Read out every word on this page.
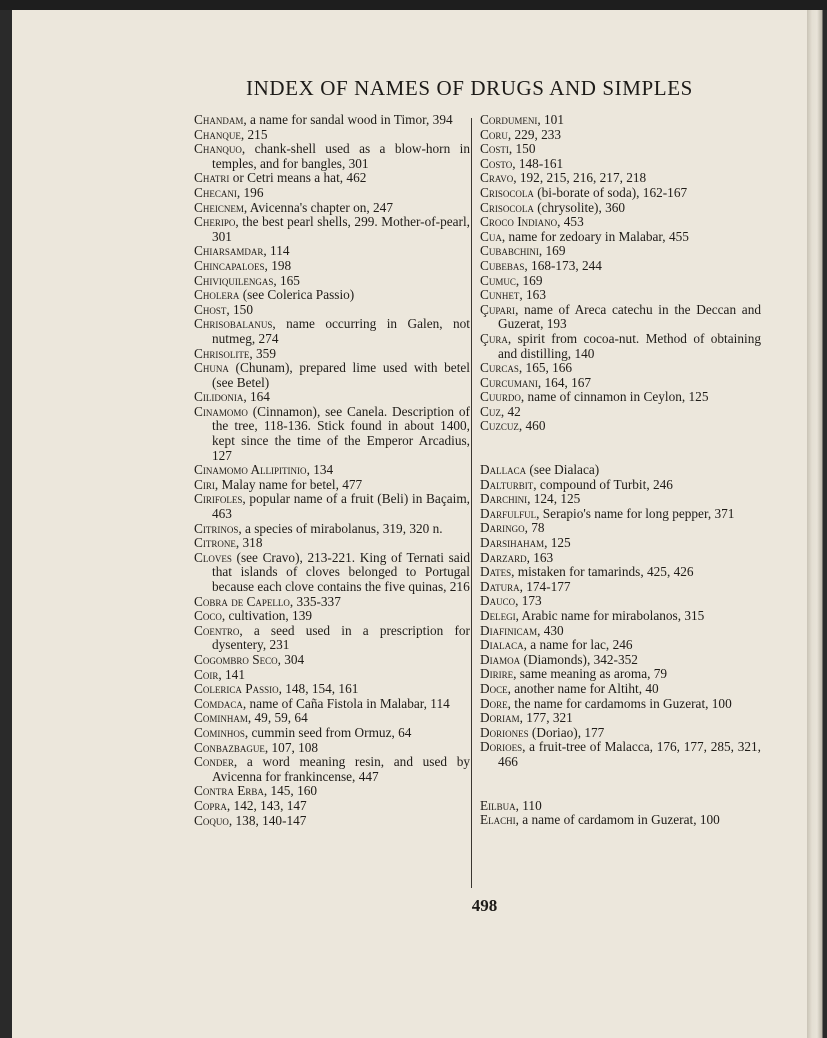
INDEX OF NAMES OF DRUGS AND SIMPLES

Chandam, a name for sandal wood in Timor, 394

Chanque, 215

Chanquo, chank-shell used as a blow-horn in temples, and for bangles, 301

Chatri or Cetri means a hat, 462

Checani, 196

Cheicnem, Avicenna's chapter on, 247

Cheripo, the best pearl shells, 299. Mother-of-pearl, 301

Chiarsamdar, 114

Chincapaloes, 198

Chiviquilengas, 165

Cholera (see Colerica Passio)

Chost, 150

Chrisobalanus, name occurring in Galen, not nutmeg, 274

Chrisolite, 359

Chuna (Chunam), prepared lime used with betel (see Betel)

Cilidonia, 164

Cinamomo (Cinnamon), see Canela. Description of the tree, 118-136. Stick found in about 1400, kept since the time of the Emperor Arcadius, 127

Cinamomo Allipitinio, 134

Ciri, Malay name for betel, 477

Cirifoles, popular name of a fruit (Beli) in Baçaim, 463

Citrinos, a species of mirabolanus, 319, 320 n.

Citrone, 318

Cloves (see Cravo), 213-221. King of Ternati said that islands of cloves belonged to Portugal because each clove contains the five quinas, 216

Cobra de Capello, 335-337

Coco, cultivation, 139

Coentro, a seed used in a prescription for dysentery, 231

Cogombro Seco, 304

Coir, 141

Colerica Passio, 148, 154, 161

Comdaca, name of Caña Fistola in Malabar, 114

Cominham, 49, 59, 64

Cominhos, cummin seed from Ormuz, 64

Conbazbague, 107, 108

Conder, a word meaning resin, and used by Avicenna for frankincense, 447

Contra Erba, 145, 160

Copra, 142, 143, 147

Coquo, 138, 140-147

Cordumeni, 101

Coru, 229, 233

Costi, 150

Costo, 148-161

Cravo, 192, 215, 216, 217, 218

Crisocola (bi-borate of soda), 162-167

Crisocola (chrysolite), 360

Croco Indiano, 453

Cua, name for zedoary in Malabar, 455

Cubabchini, 169

Cubebas, 168-173, 244

Cumuc, 169

Cunhet, 163

Çupari, name of Areca catechu in the Deccan and Guzerat, 193

Çura, spirit from cocoa-nut. Method of obtaining and distilling, 140

Curcas, 165, 166

Curcumani, 164, 167

Cuurdo, name of cinnamon in Ceylon, 125

Cuz, 42

Cuzcuz, 460

Dallaca (see Dialaca)

Dalturbit, compound of Turbit, 246

Darchini, 124, 125

Darfulful, Serapio's name for long pepper, 371

Daringo, 78

Darsihaham, 125

Darzard, 163

Dates, mistaken for tamarinds, 425, 426

Datura, 174-177

Dauco, 173

Delegi, Arabic name for mirabolanos, 315

Diafinicam, 430

Dialaca, a name for lac, 246

Diamoa (Diamonds), 342-352

Dirire, same meaning as aroma, 79

Doce, another name for Altiht, 40

Dore, the name for cardamoms in Guzerat, 100

Doriam, 177, 321

Doriones (Doriao), 177

Dorioes, a fruit-tree of Malacca, 176, 177, 285, 321, 466

Eilbua, 110

Elachi, a name of cardamom in Guzerat, 100

498
